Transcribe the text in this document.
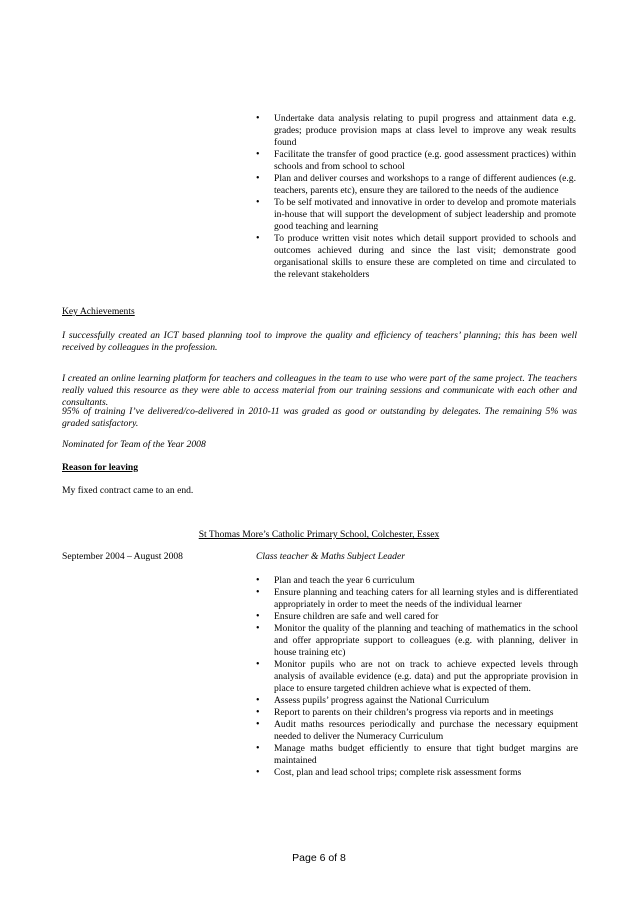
• Undertake data analysis relating to pupil progress and attainment data e.g. grades; produce provision maps at class level to improve any weak results found
• Facilitate the transfer of good practice (e.g. good assessment practices) within schools and from school to school
• Plan and deliver courses and workshops to a range of different audiences (e.g. teachers, parents etc), ensure they are tailored to the needs of the audience
• To be self motivated and innovative in order to develop and promote materials in-house that will support the development of subject leadership and promote good teaching and learning
• To produce written visit notes which detail support provided to schools and outcomes achieved during and since the last visit; demonstrate good organisational skills to ensure these are completed on time and circulated to the relevant stakeholders
Key Achievements
I successfully created an ICT based planning tool to improve the quality and efficiency of teachers’ planning; this has been well received by colleagues in the profession.
I created an online learning platform for teachers and colleagues in the team to use who were part of the same project. The teachers really valued this resource as they were able to access material from our training sessions and communicate with each other and consultants.
95% of training I’ve delivered/co-delivered in 2010-11 was graded as good or outstanding by delegates. The remaining 5% was graded satisfactory.
Nominated for Team of the Year 2008
Reason for leaving
My fixed contract came to an end.
St Thomas More’s Catholic Primary School, Colchester, Essex
September 2004 – August 2008	Class teacher & Maths Subject Leader
• Plan and teach the year 6 curriculum
• Ensure planning and teaching caters for all learning styles and is differentiated appropriately in order to meet the needs of the individual learner
• Ensure children are safe and well cared for
• Monitor the quality of the planning and teaching of mathematics in the school and offer appropriate support to colleagues (e.g. with planning, deliver in house training etc)
• Monitor pupils who are not on track to achieve expected levels through analysis of available evidence (e.g. data) and put the appropriate provision in place to ensure targeted children achieve what is expected of them.
• Assess pupils’ progress against the National Curriculum
• Report to parents on their children’s progress via reports and in meetings
• Audit maths resources periodically and purchase the necessary equipment needed to deliver the Numeracy Curriculum
• Manage maths budget efficiently to ensure that tight budget margins are maintained
• Cost, plan and lead school trips; complete risk assessment forms
Page 6 of 8
